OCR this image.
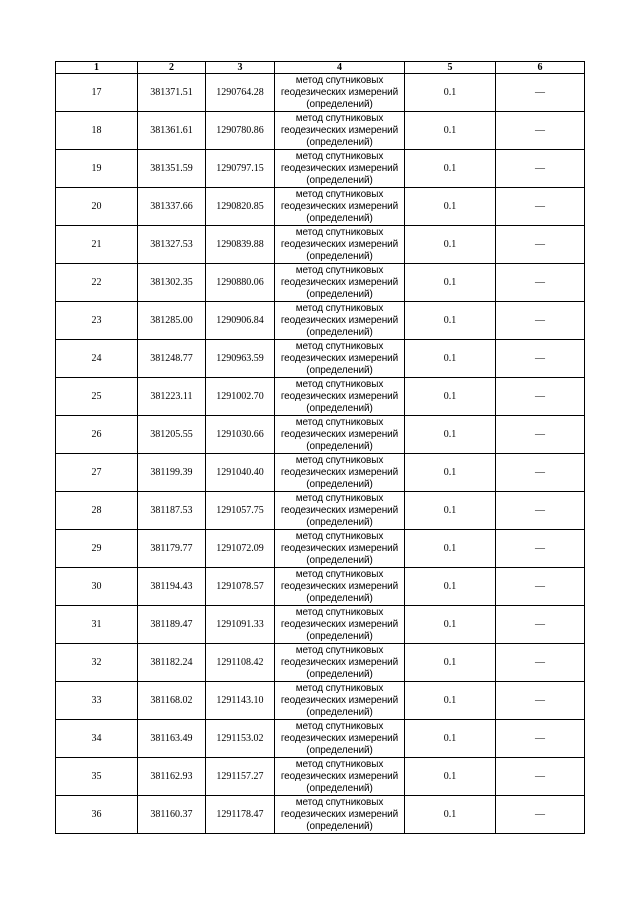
1	2	3	4	5	6
17	381371.51	1290764.28	метод спутниковых
геодезических измерений
(определений)	0.1	—
18	381361.61	1290780.86	метод спутниковых
геодезических измерений
(определений)	0.1	—
19	381351.59	1290797.15	метод спутниковых
геодезических измерений
(определений)	0.1	—
20	381337.66	1290820.85	метод спутниковых
геодезических измерений
(определений)	0.1	—
21	381327.53	1290839.88	метод спутниковых
геодезических измерений
(определений)	0.1	—
22	381302.35	1290880.06	метод спутниковых
геодезических измерений
(определений)	0.1	—
23	381285.00	1290906.84	метод спутниковых
геодезических измерений
(определений)	0.1	—
24	381248.77	1290963.59	метод спутниковых
геодезических измерений
(определений)	0.1	—
25	381223.11	1291002.70	метод спутниковых
геодезических измерений
(определений)	0.1	—
26	381205.55	1291030.66	метод спутниковых
геодезических измерений
(определений)	0.1	—
27	381199.39	1291040.40	метод спутниковых
геодезических измерений
(определений)	0.1	—
28	381187.53	1291057.75	метод спутниковых
геодезических измерений
(определений)	0.1	—
29	381179.77	1291072.09	метод спутниковых
геодезических измерений
(определений)	0.1	—
30	381194.43	1291078.57	метод спутниковых
геодезических измерений
(определений)	0.1	—
31	381189.47	1291091.33	метод спутниковых
геодезических измерений
(определений)	0.1	—
32	381182.24	1291108.42	метод спутниковых
геодезических измерений
(определений)	0.1	—
33	381168.02	1291143.10	метод спутниковых
геодезических измерений
(определений)	0.1	—
34	381163.49	1291153.02	метод спутниковых
геодезических измерений
(определений)	0.1	—
35	381162.93	1291157.27	метод спутниковых
геодезических измерений
(определений)	0.1	—
36	381160.37	1291178.47	метод спутниковых
геодезических измерений
(определений)	0.1	—
